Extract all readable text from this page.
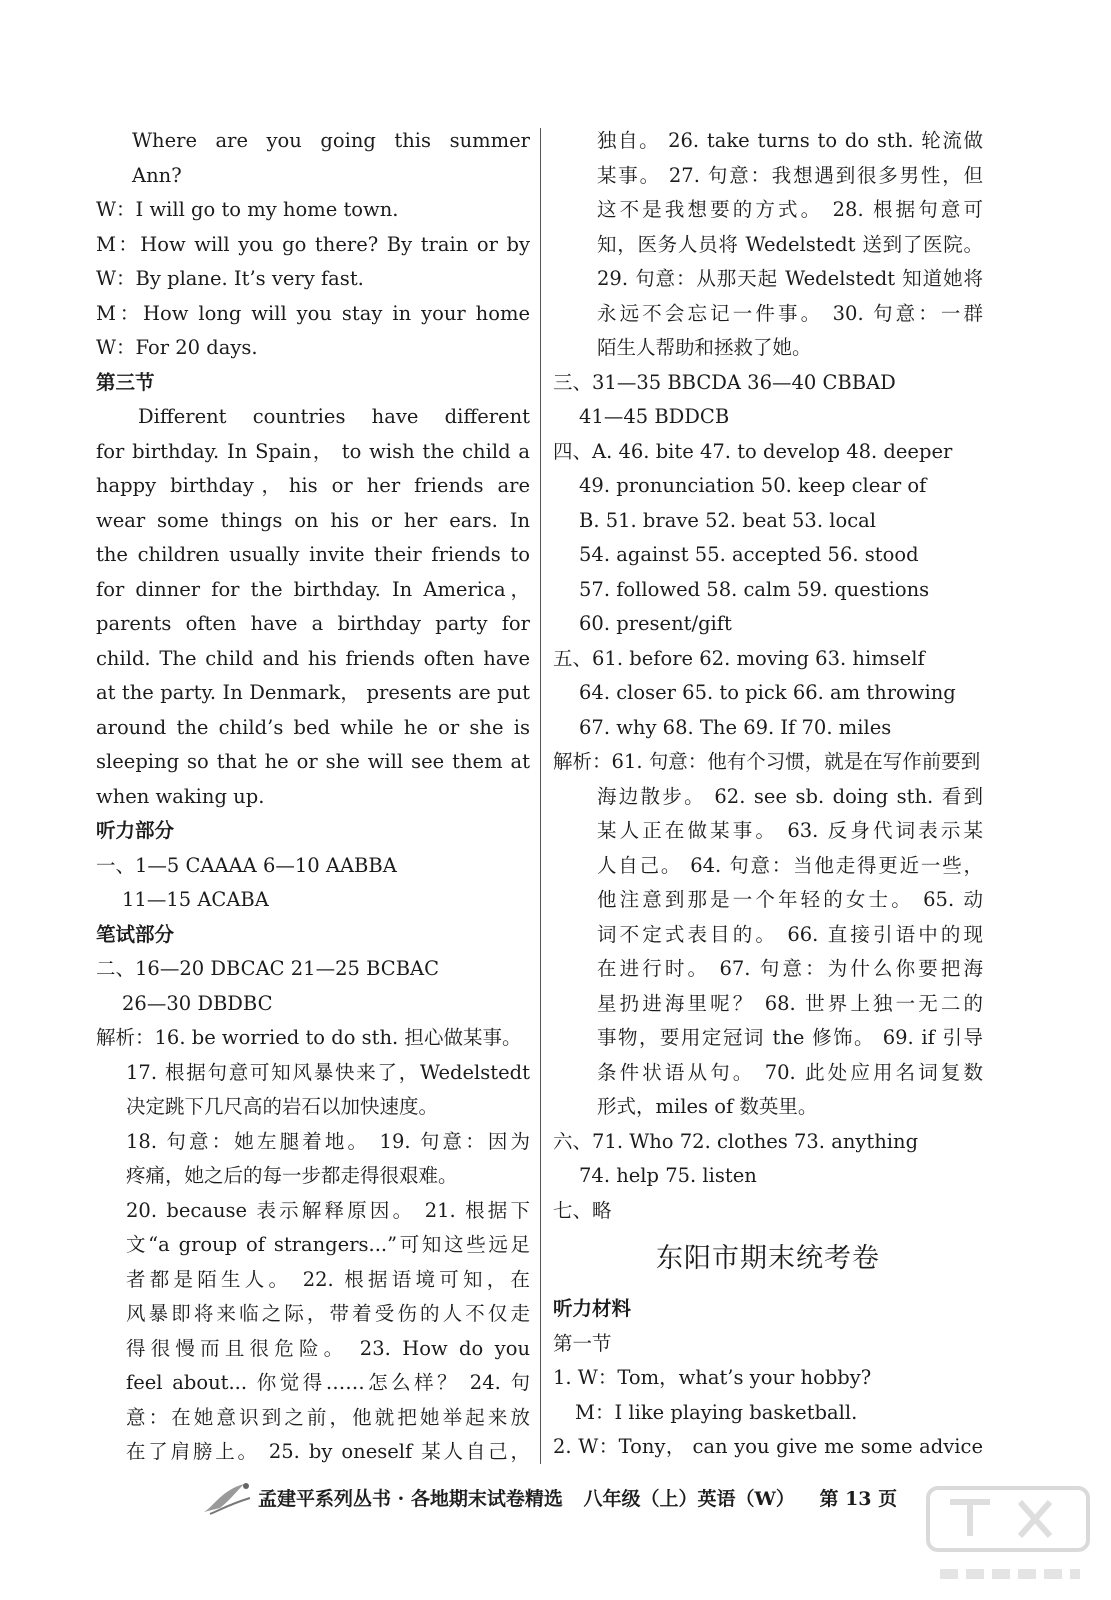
Where are you going this summer
Ann?
W：I will go to my home town.
M：How will you go there? By train or by
W：By plane. It’s very fast.
M：How long will you stay in your home
W：For 20 days.
第三节
Different countries have different
for birthday. In Spain， to wish the child a
happy birthday，his or her friends are
wear some things on his or her ears. In
the children usually invite their friends to
for dinner for the birthday. In America，
parents often have a birthday party for
child. The child and his friends often have
at the party. In Denmark， presents are put
around the child’s bed while he or she is
sleeping so that he or she will see them at
when waking up.
听力部分
一、1—5 CAAAA 6—10 AABBA
11—15 ACABA
笔试部分
二、16—20 DBCAC 21—25 BCBAC
26—30 DBDBC
解析：16. be worried to do sth. 担心做某事。
17. 根据句意可知风暴快来了，Wedelstedt
决定跳下几尺高的岩石以加快速度。
18. 句意：她左腿着地。 19. 句意：因为
疼痛，她之后的每一步都走得很艰难。
20. because 表示解释原因。 21. 根据下
文“a group of strangers...”可知这些远足
者都是陌生人。 22. 根据语境可知，在
风暴即将来临之际，带着受伤的人不仅走
得很慢而且很危险。 23. How do you
feel about... 你觉得……怎么样？ 24. 句
意：在她意识到之前，他就把她举起来放
在了肩膀上。 25. by oneself 某人自己，
独自。 26. take turns to do sth. 轮流做
某事。 27. 句意：我想遇到很多男性，但
这不是我想要的方式。 28. 根据句意可
知，医务人员将 Wedelstedt 送到了医院。
29. 句意：从那天起 Wedelstedt 知道她将
永远不会忘记一件事。 30. 句意：一群
陌生人帮助和拯救了她。
三、31—35 BBCDA 36—40 CBBAD
41—45 BDDCB
四、A. 46. bite 47. to develop 48. deeper
49. pronunciation 50. keep clear of
B. 51. brave 52. beat 53. local
54. against 55. accepted 56. stood
57. followed 58. calm 59. questions
60. present/gift
五、61. before 62. moving 63. himself
64. closer 65. to pick 66. am throwing
67. why 68. The 69. If 70. miles
解析：61. 句意：他有个习惯，就是在写作前要到
海边散步。 62. see sb. doing sth. 看到
某人正在做某事。 63. 反身代词表示某
人自己。 64. 句意：当他走得更近一些，
他注意到那是一个年轻的女士。 65. 动
词不定式表目的。 66. 直接引语中的现
在进行时。 67. 句意：为什么你要把海
星扔进海里呢？ 68. 世界上独一无二的
事物，要用定冠词 the 修饰。 69. if 引导
条件状语从句。 70. 此处应用名词复数
形式，miles of 数英里。
六、71. Who 72. clothes 73. anything
74. help 75. listen
七、略
东阳市期末统考卷
听力材料
第一节
1. W：Tom，what’s your hobby?
M：I like playing basketball.
2. W：Tony， can you give me some advice
孟建平系列丛书 · 各地期末试卷精选 八年级（上）英语（W） 第 13 页
